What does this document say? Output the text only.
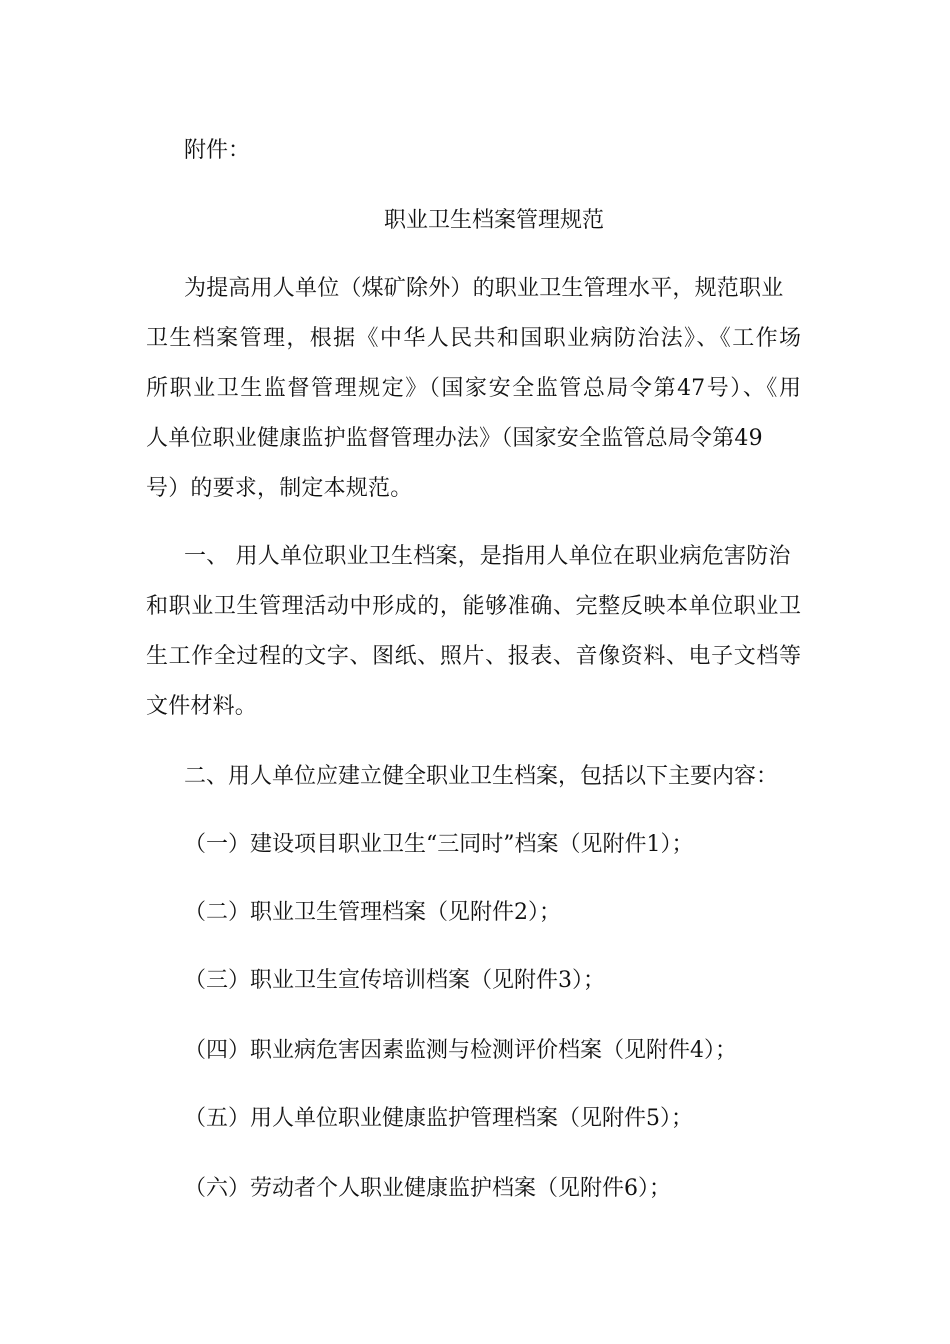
附件：
职业卫生档案管理规范
为提高用人单位（煤矿除外）的职业卫生管理水平，规范职业
卫生档案管理，根据《中华人民共和国职业病防治法》、《工作场
所职业卫生监督管理规定》（国家安全监管总局令第47号）、《用
人单位职业健康监护监督管理办法》（国家安全监管总局令第49
号）的要求，制定本规范。
一、 用人单位职业卫生档案，是指用人单位在职业病危害防治
和职业卫生管理活动中形成的，能够准确、完整反映本单位职业卫
生工作全过程的文字、图纸、照片、报表、音像资料、电子文档等
文件材料。
二、用人单位应建立健全职业卫生档案，包括以下主要内容：
（一）建设项目职业卫生“三同时”档案（见附件1）；
（二）职业卫生管理档案（见附件2）；
（三）职业卫生宣传培训档案（见附件3）；
（四）职业病危害因素监测与检测评价档案（见附件4）；
（五）用人单位职业健康监护管理档案（见附件5）；
（六）劳动者个人职业健康监护档案（见附件6）；
